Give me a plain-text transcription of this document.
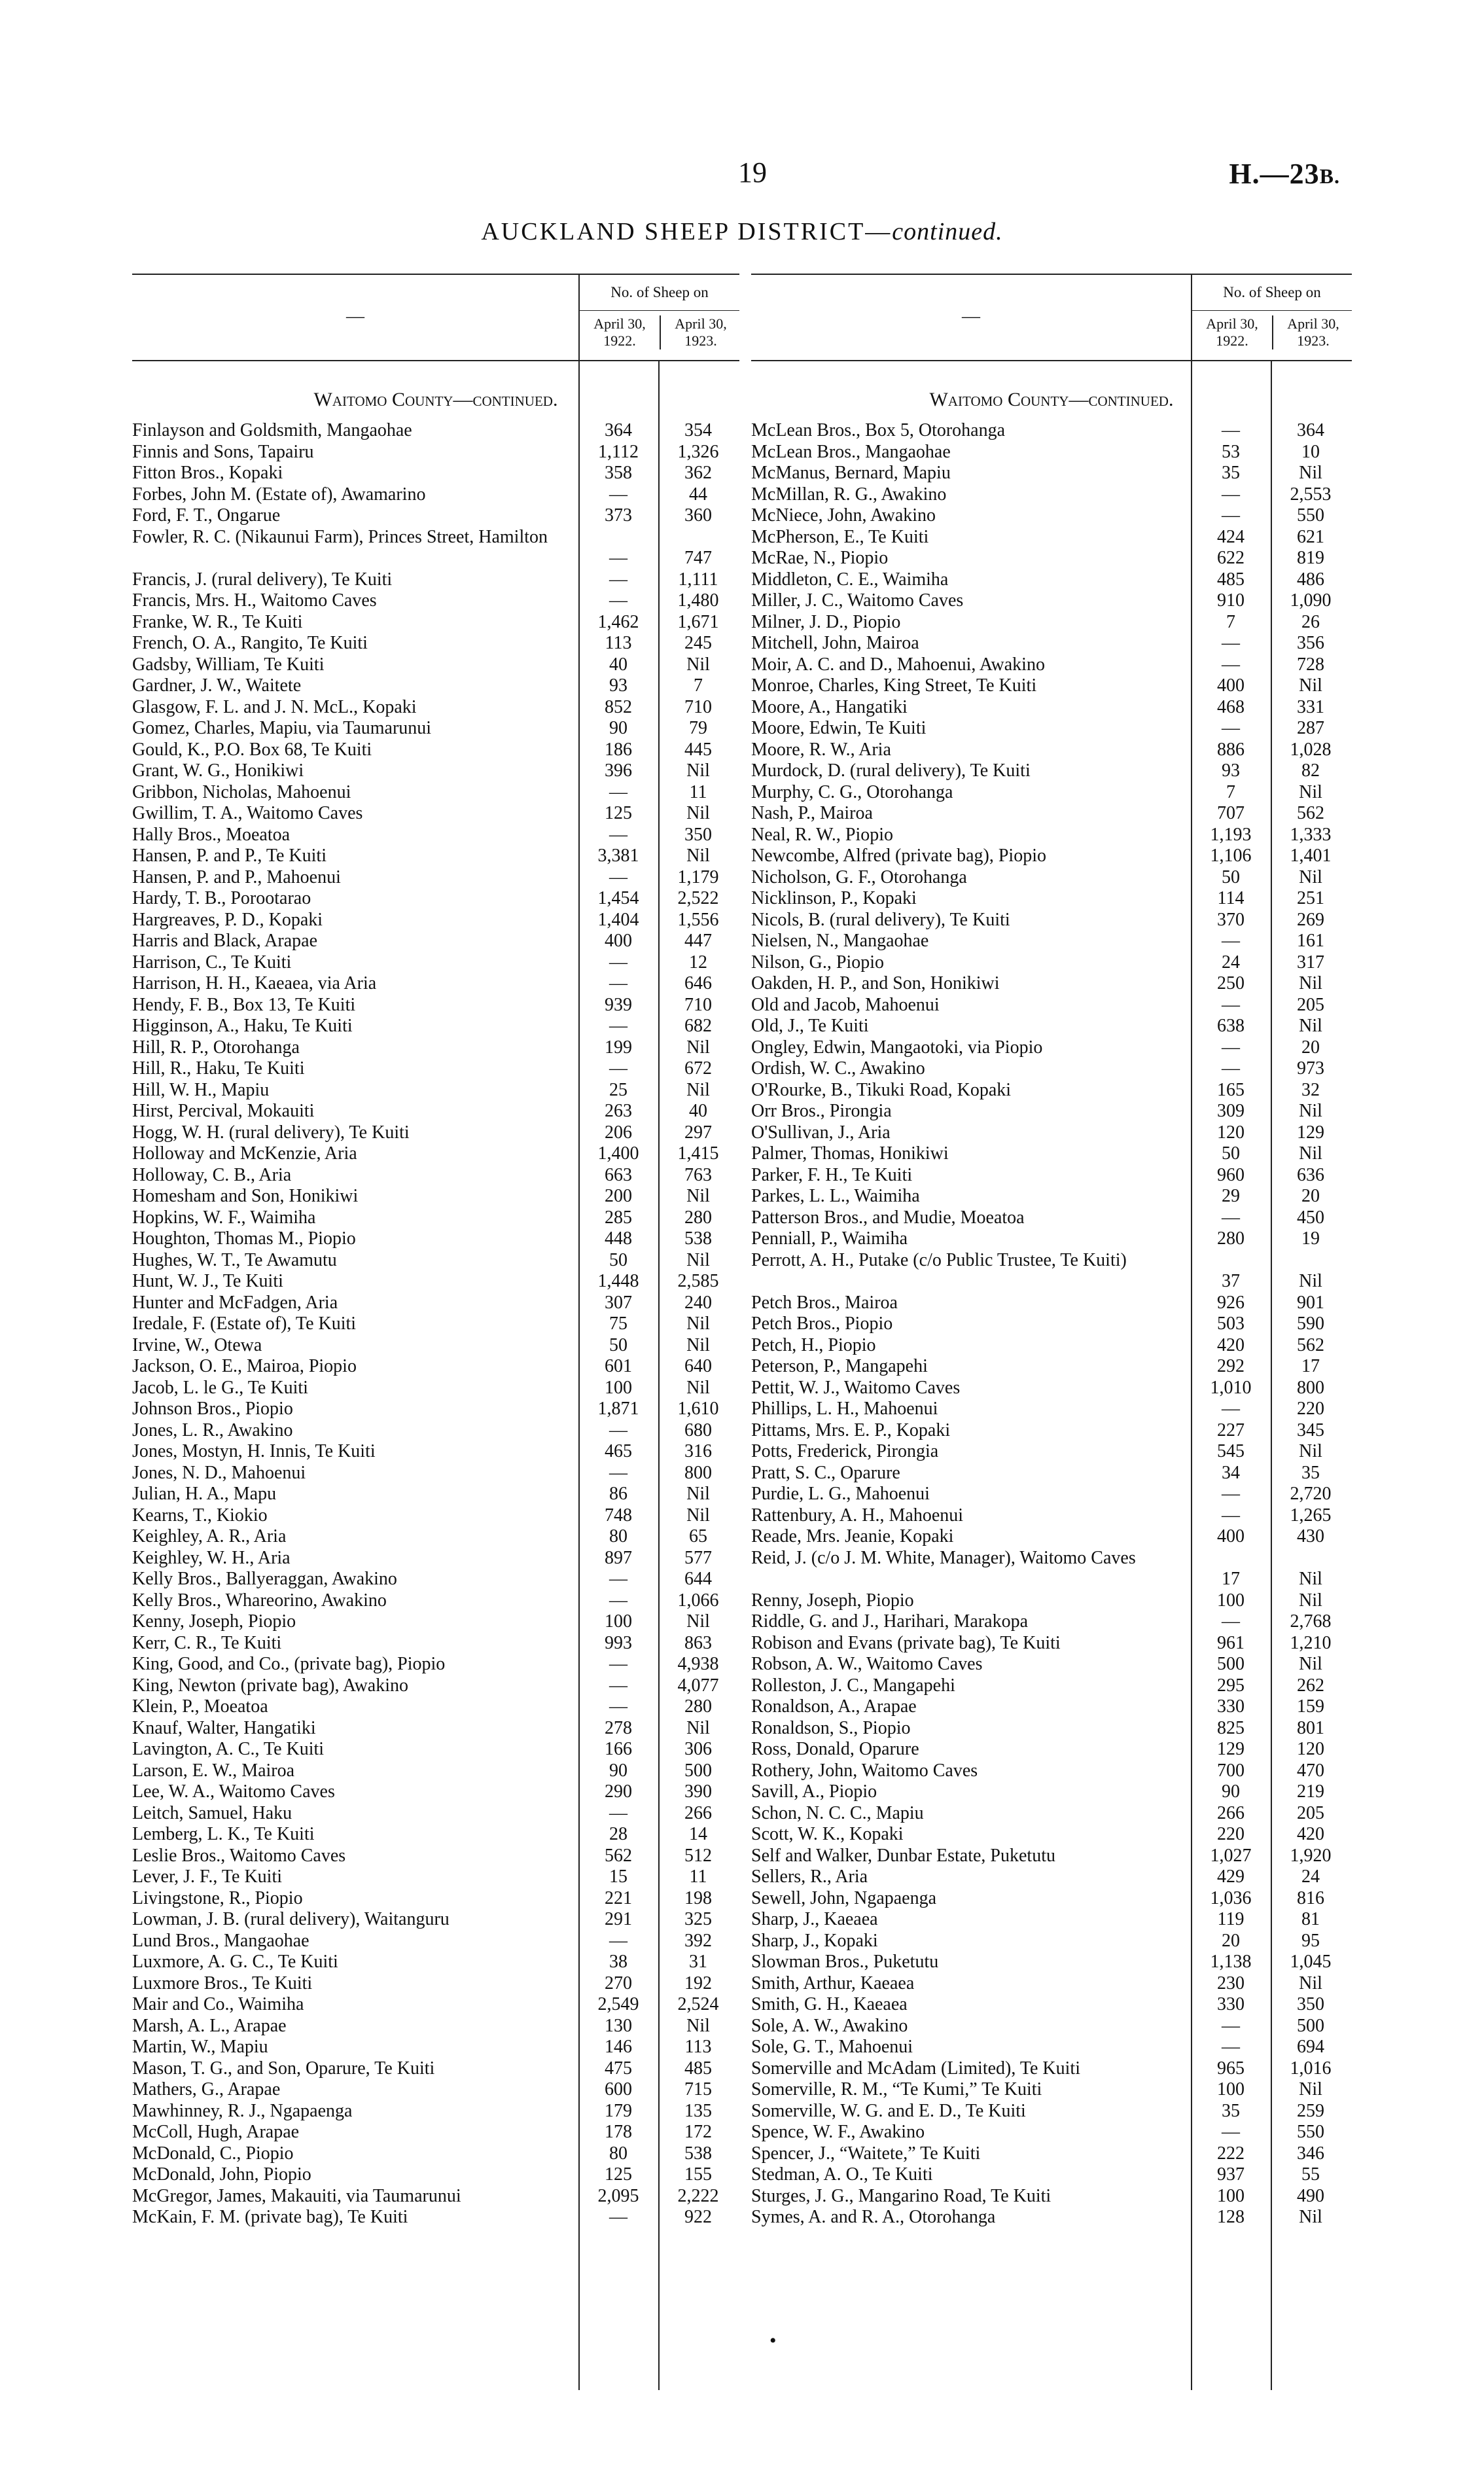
19	H.—23B.
AUCKLAND SHEEP DISTRICT—continued.
—
No. of Sheep on
April 30, 1922.
April 30, 1923.
Waitomo County—continued.
Finlayson and Goldsmith, Mangaohae	364	354
Finnis and Sons, Tapairu	1,112	1,326
Fitton Bros., Kopaki	358	362
Forbes, John M. (Estate of), Awamarino	—	44
Ford, F. T., Ongarue	373	360
Fowler, R. C. (Nikaunui Farm), Princes Street, Hamilton
—	747
Francis, J. (rural delivery), Te Kuiti	—	1,111
Francis, Mrs. H., Waitomo Caves	—	1,480
Franke, W. R., Te Kuiti	1,462	1,671
French, O. A., Rangito, Te Kuiti	113	245
Gadsby, William, Te Kuiti	40	Nil
Gardner, J. W., Waitete	93	7
Glasgow, F. L. and J. N. McL., Kopaki	852	710
Gomez, Charles, Mapiu, via Taumarunui	90	79
Gould, K., P.O. Box 68, Te Kuiti	186	445
Grant, W. G., Honikiwi	396	Nil
Gribbon, Nicholas, Mahoenui	—	11
Gwillim, T. A., Waitomo Caves	125	Nil
Hally Bros., Moeatoa	—	350
Hansen, P. and P., Te Kuiti	3,381	Nil
Hansen, P. and P., Mahoenui	—	1,179
Hardy, T. B., Porootarao	1,454	2,522
Hargreaves, P. D., Kopaki	1,404	1,556
Harris and Black, Arapae	400	447
Harrison, C., Te Kuiti	—	12
Harrison, H. H., Kaeaea, via Aria	—	646
Hendy, F. B., Box 13, Te Kuiti	939	710
Higginson, A., Haku, Te Kuiti	—	682
Hill, R. P., Otorohanga	199	Nil
Hill, R., Haku, Te Kuiti	—	672
Hill, W. H., Mapiu	25	Nil
Hirst, Percival, Mokauiti	263	40
Hogg, W. H. (rural delivery), Te Kuiti	206	297
Holloway and McKenzie, Aria	1,400	1,415
Holloway, C. B., Aria	663	763
Homesham and Son, Honikiwi	200	Nil
Hopkins, W. F., Waimiha	285	280
Houghton, Thomas M., Piopio	448	538
Hughes, W. T., Te Awamutu	50	Nil
Hunt, W. J., Te Kuiti	1,448	2,585
Hunter and McFadgen, Aria	307	240
Iredale, F. (Estate of), Te Kuiti	75	Nil
Irvine, W., Otewa	50	Nil
Jackson, O. E., Mairoa, Piopio	601	640
Jacob, L. le G., Te Kuiti	100	Nil
Johnson Bros., Piopio	1,871	1,610
Jones, L. R., Awakino	—	680
Jones, Mostyn, H. Innis, Te Kuiti	465	316
Jones, N. D., Mahoenui	—	800
Julian, H. A., Mapu	86	Nil
Kearns, T., Kiokio	748	Nil
Keighley, A. R., Aria	80	65
Keighley, W. H., Aria	897	577
Kelly Bros., Ballyeraggan, Awakino	—	644
Kelly Bros., Whareorino, Awakino	—	1,066
Kenny, Joseph, Piopio	100	Nil
Kerr, C. R., Te Kuiti	993	863
King, Good, and Co., (private bag), Piopio	—	4,938
King, Newton (private bag), Awakino	—	4,077
Klein, P., Moeatoa	—	280
Knauf, Walter, Hangatiki	278	Nil
Lavington, A. C., Te Kuiti	166	306
Larson, E. W., Mairoa	90	500
Lee, W. A., Waitomo Caves	290	390
Leitch, Samuel, Haku	—	266
Lemberg, L. K., Te Kuiti	28	14
Leslie Bros., Waitomo Caves	562	512
Lever, J. F., Te Kuiti	15	11
Livingstone, R., Piopio	221	198
Lowman, J. B. (rural delivery), Waitanguru	291	325
Lund Bros., Mangaohae	—	392
Luxmore, A. G. C., Te Kuiti	38	31
Luxmore Bros., Te Kuiti	270	192
Mair and Co., Waimiha	2,549	2,524
Marsh, A. L., Arapae	130	Nil
Martin, W., Mapiu	146	113
Mason, T. G., and Son, Oparure, Te Kuiti	475	485
Mathers, G., Arapae	600	715
Mawhinney, R. J., Ngapaenga	179	135
McColl, Hugh, Arapae	178	172
McDonald, C., Piopio	80	538
McDonald, John, Piopio	125	155
McGregor, James, Makauiti, via Taumarunui	2,095	2,222
McKain, F. M. (private bag), Te Kuiti	—	922
—
No. of Sheep on
April 30, 1922.
April 30, 1923.
Waitomo County—continued.
McLean Bros., Box 5, Otorohanga	—	364
McLean Bros., Mangaohae	53	10
McManus, Bernard, Mapiu	35	Nil
McMillan, R. G., Awakino	—	2,553
McNiece, John, Awakino	—	550
McPherson, E., Te Kuiti	424	621
McRae, N., Piopio	622	819
Middleton, C. E., Waimiha	485	486
Miller, J. C., Waitomo Caves	910	1,090
Milner, J. D., Piopio	7	26
Mitchell, John, Mairoa	—	356
Moir, A. C. and D., Mahoenui, Awakino	—	728
Monroe, Charles, King Street, Te Kuiti	400	Nil
Moore, A., Hangatiki	468	331
Moore, Edwin, Te Kuiti	—	287
Moore, R. W., Aria	886	1,028
Murdock, D. (rural delivery), Te Kuiti	93	82
Murphy, C. G., Otorohanga	7	Nil
Nash, P., Mairoa	707	562
Neal, R. W., Piopio	1,193	1,333
Newcombe, Alfred (private bag), Piopio	1,106	1,401
Nicholson, G. F., Otorohanga	50	Nil
Nicklinson, P., Kopaki	114	251
Nicols, B. (rural delivery), Te Kuiti	370	269
Nielsen, N., Mangaohae	—	161
Nilson, G., Piopio	24	317
Oakden, H. P., and Son, Honikiwi	250	Nil
Old and Jacob, Mahoenui	—	205
Old, J., Te Kuiti	638	Nil
Ongley, Edwin, Mangaotoki, via Piopio	—	20
Ordish, W. C., Awakino	—	973
O'Rourke, B., Tikuki Road, Kopaki	165	32
Orr Bros., Pirongia	309	Nil
O'Sullivan, J., Aria	120	129
Palmer, Thomas, Honikiwi	50	Nil
Parker, F. H., Te Kuiti	960	636
Parkes, L. L., Waimiha	29	20
Patterson Bros., and Mudie, Moeatoa	—	450
Penniall, P., Waimiha	280	19
Perrott, A. H., Putake (c/o Public Trustee, Te Kuiti)
37	Nil
Petch Bros., Mairoa	926	901
Petch Bros., Piopio	503	590
Petch, H., Piopio	420	562
Peterson, P., Mangapehi	292	17
Pettit, W. J., Waitomo Caves	1,010	800
Phillips, L. H., Mahoenui	—	220
Pittams, Mrs. E. P., Kopaki	227	345
Potts, Frederick, Pirongia	545	Nil
Pratt, S. C., Oparure	34	35
Purdie, L. G., Mahoenui	—	2,720
Rattenbury, A. H., Mahoenui	—	1,265
Reade, Mrs. Jeanie, Kopaki	400	430
Reid, J. (c/o J. M. White, Manager), Waitomo Caves
17	Nil
Renny, Joseph, Piopio	100	Nil
Riddle, G. and J., Harihari, Marakopa	—	2,768
Robison and Evans (private bag), Te Kuiti	961	1,210
Robson, A. W., Waitomo Caves	500	Nil
Rolleston, J. C., Mangapehi	295	262
Ronaldson, A., Arapae	330	159
Ronaldson, S., Piopio	825	801
Ross, Donald, Oparure	129	120
Rothery, John, Waitomo Caves	700	470
Savill, A., Piopio	90	219
Schon, N. C. C., Mapiu	266	205
Scott, W. K., Kopaki	220	420
Self and Walker, Dunbar Estate, Puketutu	1,027	1,920
Sellers, R., Aria	429	24
Sewell, John, Ngapaenga	1,036	816
Sharp, J., Kaeaea	119	81
Sharp, J., Kopaki	20	95
Slowman Bros., Puketutu	1,138	1,045
Smith, Arthur, Kaeaea	230	Nil
Smith, G. H., Kaeaea	330	350
Sole, A. W., Awakino	—	500
Sole, G. T., Mahoenui	—	694
Somerville and McAdam (Limited), Te Kuiti	965	1,016
Somerville, R. M., “Te Kumi,” Te Kuiti	100	Nil
Somerville, W. G. and E. D., Te Kuiti	35	259
Spence, W. F., Awakino	—	550
Spencer, J., “Waitete,” Te Kuiti	222	346
Stedman, A. O., Te Kuiti	937	55
Sturges, J. G., Mangarino Road, Te Kuiti	100	490
Symes, A. and R. A., Otorohanga	128	Nil
•
